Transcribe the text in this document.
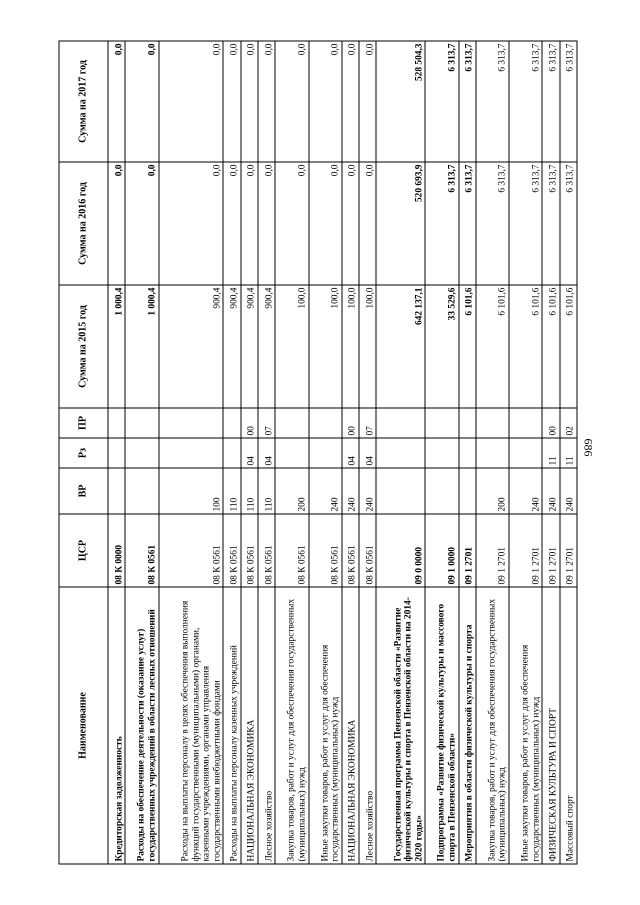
686
Наименование	ЦСР	ВР	Рз	ПР	Сумма на 2015 год	Сумма на 2016 год	Сумма на 2017 год
Кредиторская задолженность	08 К 0000				1 000,4	0,0	0,0
Расходы на обеспечение деятельности (оказание услуг) государственных учреждений в области лесных отношений	08 К 0561				1 000,4	0,0	0,0
Расходы на выплаты персоналу в целях обеспечения выполнения функций государственными (муниципальными) органами, казенными учреждениями, органами управления государственными внебюджетными фондами	08 К 0561	100			900,4	0,0	0,0
Расходы на выплаты персоналу казенных учреждений	08 К 0561	110			900,4	0,0	0,0
НАЦИОНАЛЬНАЯ ЭКОНОМИКА	08 К 0561	110	04	00	900,4	0,0	0,0
Лесное хозяйство	08 К 0561	110	04	07	900,4	0,0	0,0
Закупка товаров, работ и услуг для обеспечения государственных (муниципальных) нужд	08 К 0561	200			100,0	0,0	0,0
Иные закупки товаров, работ и услуг для обеспечения государственных (муниципальных) нужд	08 К 0561	240			100,0	0,0	0,0
НАЦИОНАЛЬНАЯ ЭКОНОМИКА	08 К 0561	240	04	00	100,0	0,0	0,0
Лесное хозяйство	08 К 0561	240	04	07	100,0	0,0	0,0
Государственная программа Пензенской области «Развитие физической культуры и спорта в Пензенской области на 2014-2020 годы»	09 0 0000				642 137,1	520 693,9	528 504,3
Подпрограмма «Развитие физической культуры и массового спорта в Пензенской области»	09 1 0000				33 529,6	6 313,7	6 313,7
Мероприятия в области физической культуры и спорта	09 1 2701				6 101,6	6 313,7	6 313,7
Закупка товаров, работ и услуг для обеспечения государственных (муниципальных) нужд	09 1 2701	200			6 101,6	6 313,7	6 313,7
Иные закупки товаров, работ и услуг для обеспечения государственных (муниципальных) нужд	09 1 2701	240			6 101,6	6 313,7	6 313,7
ФИЗИЧЕСКАЯ КУЛЬТУРА И СПОРТ	09 1 2701	240	11	00	6 101,6	6 313,7	6 313,7
Массовый спорт	09 1 2701	240	11	02	6 101,6	6 313,7	6 313,7
